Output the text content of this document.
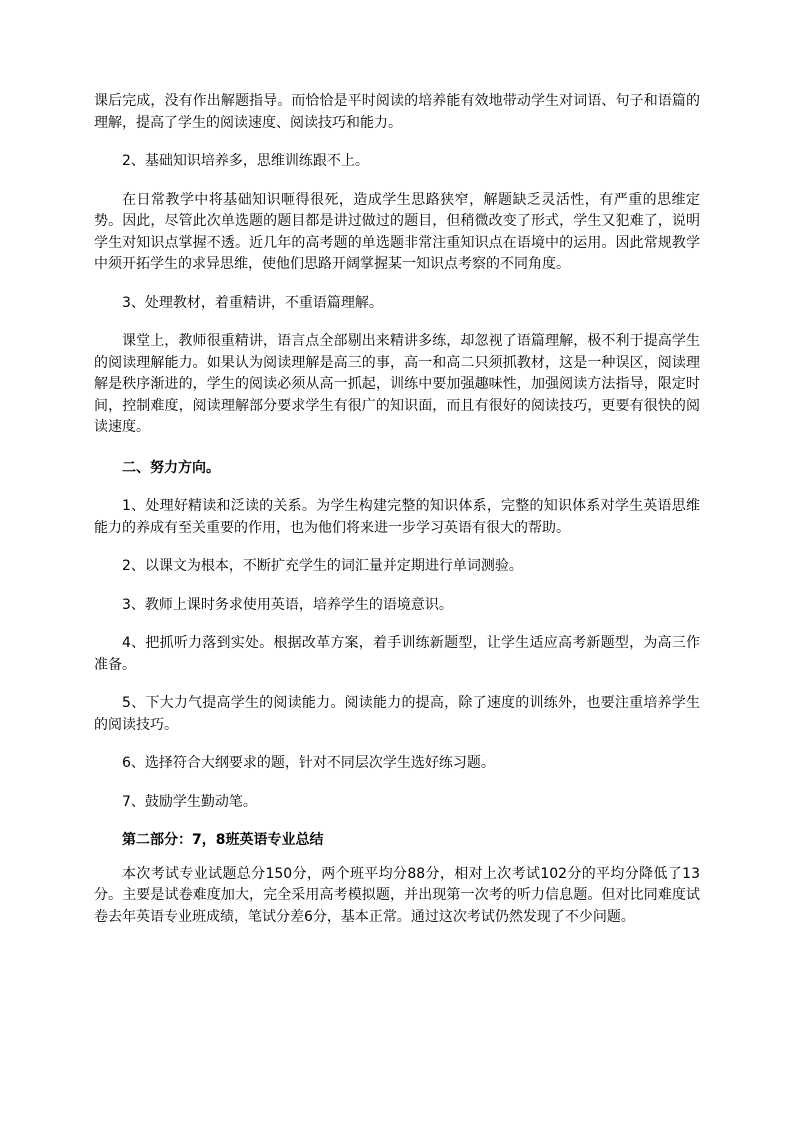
课后完成，没有作出解题指导。而恰恰是平时阅读的培养能有效地带动学生对词语、句子和语篇的理解，提高了学生的阅读速度、阅读技巧和能力。

2、基础知识培养多，思维训练跟不上。

在日常教学中将基础知识咂得很死，造成学生思路狭窄，解题缺乏灵活性，有严重的思维定势。因此，尽管此次单选题的题目都是讲过做过的题目，但稍微改变了形式，学生又犯难了，说明学生对知识点掌握不透。近几年的高考题的单选题非常注重知识点在语境中的运用。因此常规教学中须开拓学生的求异思维，使他们思路开阔掌握某一知识点考察的不同角度。

3、处理教材，着重精讲，不重语篇理解。

课堂上，教师很重精讲，语言点全部剔出来精讲多练，却忽视了语篇理解，极不利于提高学生的阅读理解能力。如果认为阅读理解是高三的事，高一和高二只须抓教材，这是一种误区，阅读理解是秩序渐进的，学生的阅读必须从高一抓起，训练中要加强趣味性，加强阅读方法指导，限定时间，控制难度，阅读理解部分要求学生有很广的知识面，而且有很好的阅读技巧，更要有很快的阅读速度。

二、努力方向。

1、处理好精读和泛读的关系。为学生构建完整的知识体系，完整的知识体系对学生英语思维能力的养成有至关重要的作用，也为他们将来进一步学习英语有很大的帮助。

2、以课文为根本，不断扩充学生的词汇量并定期进行单词测验。

3、教师上课时务求使用英语，培养学生的语境意识。

4、把抓听力落到实处。根据改革方案，着手训练新题型，让学生适应高考新题型，为高三作准备。

5、下大力气提高学生的阅读能力。阅读能力的提高，除了速度的训练外，也要注重培养学生的阅读技巧。

6、选择符合大纲要求的题，针对不同层次学生选好练习题。

7、鼓励学生勤动笔。

第二部分：7，8班英语专业总结

本次考试专业试题总分150分，两个班平均分88分，相对上次考试102分的平均分降低了13分。主要是试卷难度加大，完全采用高考模拟题，并出现第一次考的听力信息题。但对比同难度试卷去年英语专业班成绩，笔试分差6分，基本正常。通过这次考试仍然发现了不少问题。
